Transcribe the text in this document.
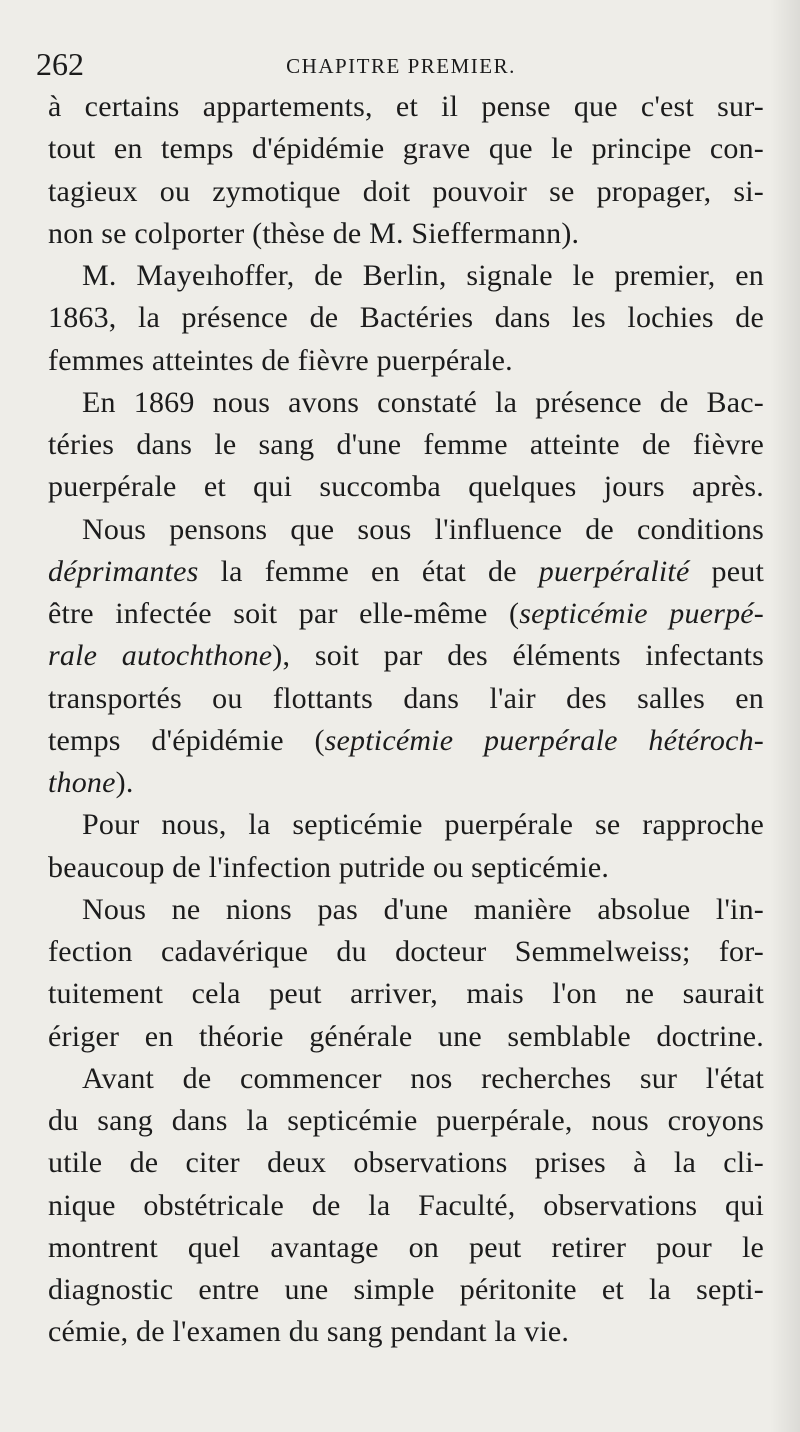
262	CHAPITRE PREMIER.
à certains appartements, et il pense que c'est sur-
tout en temps d'épidémie grave que le principe con-
tagieux ou zymotique doit pouvoir se propager, si-
non se colporter (thèse de M. Sieffermann).
M. Mayeıhoffer, de Berlin, signale le premier, en
1863, la présence de Bactéries dans les lochies de
femmes atteintes de fièvre puerpérale.
En 1869 nous avons constaté la présence de Bac-
téries dans le sang d'une femme atteinte de fièvre
puerpérale et qui succomba quelques jours après.
Nous pensons que sous l'influence de conditions
déprimantes la femme en état de puerpéralité peut
être infectée soit par elle-même (septicémie puerpé-
rale autochthone), soit par des éléments infectants
transportés ou flottants dans l'air des salles en
temps d'épidémie (septicémie puerpérale hétéroch-
thone).
Pour nous, la septicémie puerpérale se rapproche
beaucoup de l'infection putride ou septicémie.
Nous ne nions pas d'une manière absolue l'in-
fection cadavérique du docteur Semmelweiss; for-
tuitement cela peut arriver, mais l'on ne saurait
ériger en théorie générale une semblable doctrine.
Avant de commencer nos recherches sur l'état
du sang dans la septicémie puerpérale, nous croyons
utile de citer deux observations prises à la cli-
nique obstétricale de la Faculté, observations qui
montrent quel avantage on peut retirer pour le
diagnostic entre une simple péritonite et la septi-
cémie, de l'examen du sang pendant la vie.
